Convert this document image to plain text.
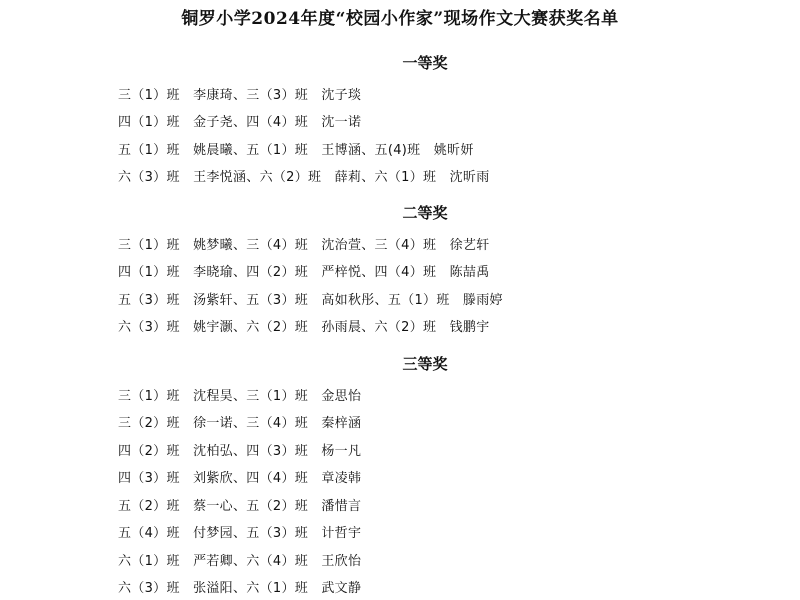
铜罗小学2024年度“校园小作家”现场作文大赛获奖名单
一等奖
三（1）班　李康琦、三（3）班　沈子琰
四（1）班　金子尧、四（4）班　沈一诺
五（1）班　姚晨曦、五（1）班　王博涵、五(4)班　姚昕妍
六（3）班　王李悦涵、六（2）班　薛莉、六（1）班　沈昕雨
二等奖
三（1）班　姚梦曦、三（4）班　沈治萱、三（4）班　徐艺轩
四（1）班　李晓瑜、四（2）班　严梓悦、四（4）班　陈喆禹
五（3）班　汤紫轩、五（3）班　高如秋彤、五（1）班　滕雨婷
六（3）班　姚宇灏、六（2）班　孙雨晨、六（2）班　钱鹏宇
三等奖
三（1）班　沈程昊、三（1）班　金思怡
三（2）班　徐一诺、三（4）班　秦梓涵
四（2）班　沈柏弘、四（3）班　杨一凡
四（3）班　刘紫欣、四（4）班　章凌韩
五（2）班　蔡一心、五（2）班　潘惜言
五（4）班　付梦园、五（3）班　计哲宇
六（1）班　严若卿、六（4）班　王欣怡
六（3）班　张溢阳、六（1）班　武文静
